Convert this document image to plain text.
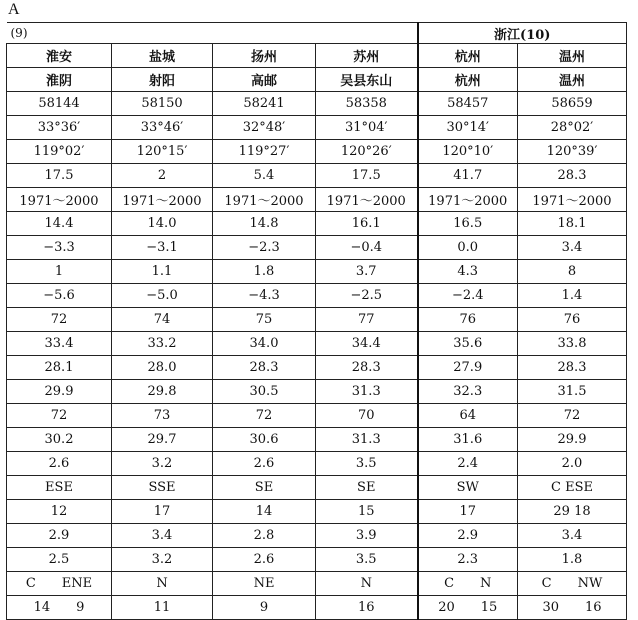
A
(9)				浙江(10)	
淮安	盐城	扬州	苏州	杭州	温州
淮阴	射阳	高邮	吴县东山	杭州	温州
58144	58150	58241	58358	58457	58659
33°36′	33°46′	32°48′	31°04′	30°14′	28°02′
119°02′	120°15′	119°27′	120°26′	120°10′	120°39′
17.5	2	5.4	17.5	41.7	28.3
1971～2000	1971～2000	1971～2000	1971～2000	1971～2000	1971～2000
14.4	14.0	14.8	16.1	16.5	18.1
−3.3	−3.1	−2.3	−0.4	0.0	3.4
1	1.1	1.8	3.7	4.3	8
−5.6	−5.0	−4.3	−2.5	−2.4	1.4
72	74	75	77	76	76
33.4	33.2	34.0	34.4	35.6	33.8
28.1	28.0	28.3	28.3	27.9	28.3
29.9	29.8	30.5	31.3	32.3	31.5
72	73	72	70	64	72
30.2	29.7	30.6	31.3	31.6	29.9
2.6	3.2	2.6	3.5	2.4	2.0
ESE	SSE	SE	SE	SW	C ESE
12	17	14	15	17	29 18
2.9	3.4	2.8	3.9	2.9	3.4
2.5	3.2	2.6	3.5	2.3	1.8
C ENE	N	NE	N	C N	C NW
14 9	11	9	16	20 15	30 16
